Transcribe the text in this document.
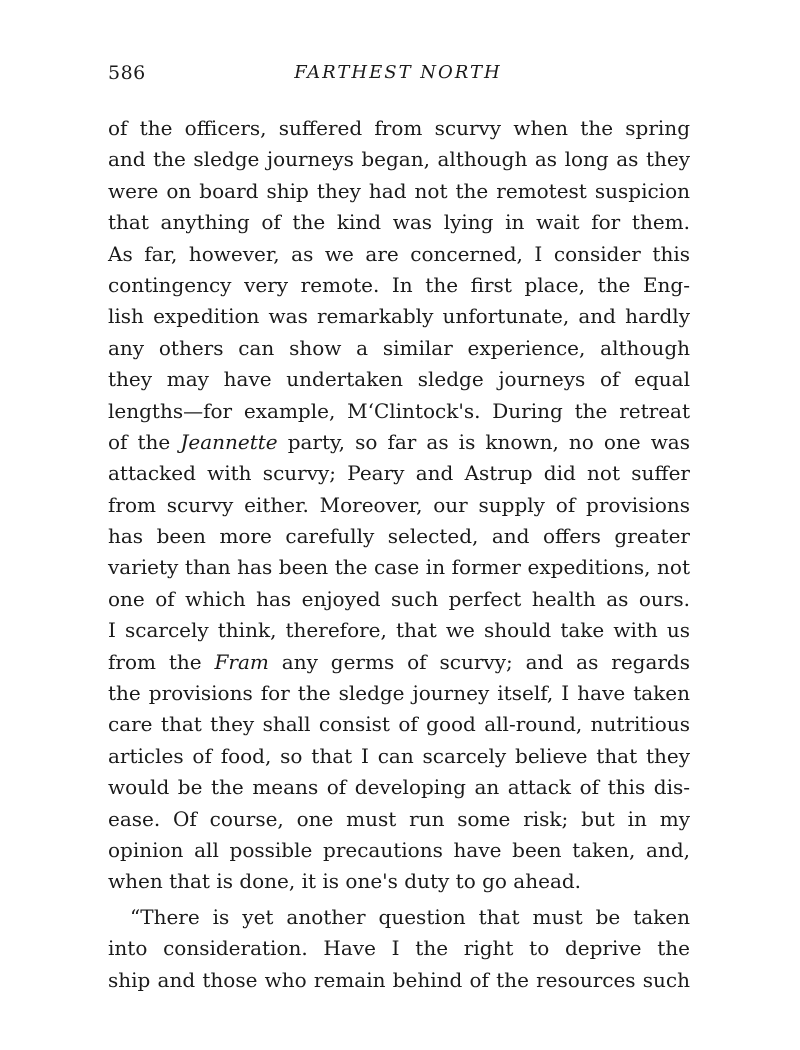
586	FARTHEST NORTH
of the officers, suffered from scurvy when the spring
and the sledge journeys began, although as long as they
were on board ship they had not the remotest suspicion
that anything of the kind was lying in wait for them.
As far, however, as we are concerned, I consider this
contingency very remote. In the first place, the Eng-
lish expedition was remarkably unfortunate, and hardly
any others can show a similar experience, although
they may have undertaken sledge journeys of equal
lengths—for example, M‘Clintock's. During the retreat
of the Jeannette party, so far as is known, no one was
attacked with scurvy; Peary and Astrup did not suffer
from scurvy either. Moreover, our supply of provisions
has been more carefully selected, and offers greater
variety than has been the case in former expeditions, not
one of which has enjoyed such perfect health as ours.
I scarcely think, therefore, that we should take with us
from the Fram any germs of scurvy; and as regards
the provisions for the sledge journey itself, I have taken
care that they shall consist of good all-round, nutritious
articles of food, so that I can scarcely believe that they
would be the means of developing an attack of this dis-
ease. Of course, one must run some risk; but in my
opinion all possible precautions have been taken, and,
when that is done, it is one's duty to go ahead.
“There is yet another question that must be taken
into consideration. Have I the right to deprive the
ship and those who remain behind of the resources such
